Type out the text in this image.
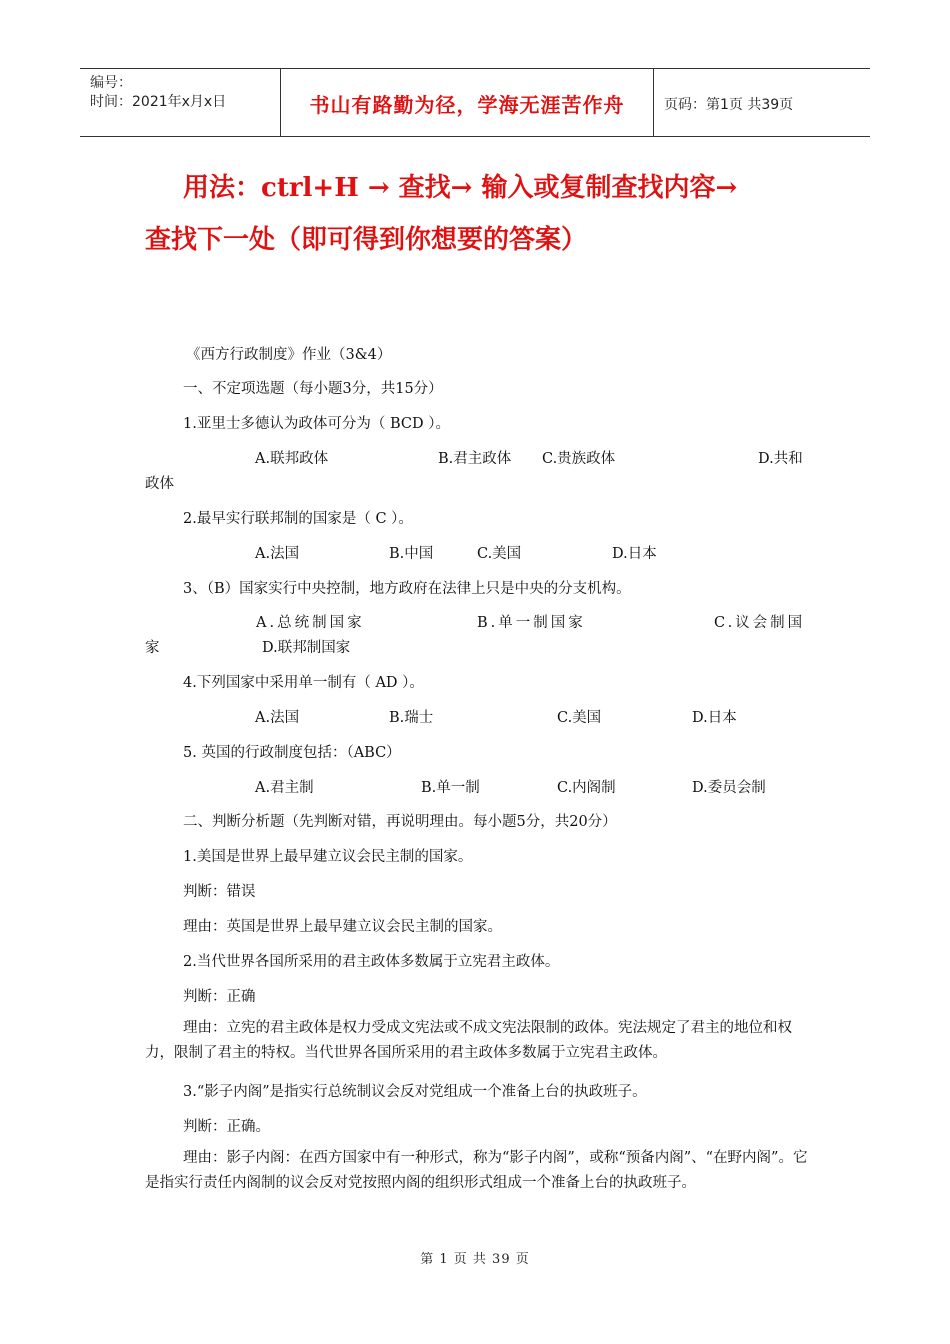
编号：
时间：2021年x月x日	书山有路勤为径，学海无涯苦作舟	页码：第1页 共39页
用法：ctrl+H → 查找→ 输入或复制查找内容→
查找下一处（即可得到你想要的答案）
《西方行政制度》作业（3&4）
一、不定项选题（每小题3分，共15分）
1.亚里士多德认为政体可分为（ BCD ）。
A.联邦政体	B.君主政体 C.贵族政体	D.共和
政体
2.最早实行联邦制的国家是（ C ）。
A.法国	B.中国	C.美国	D.日本
3、（B）国家实行中央控制，地方政府在法律上只是中央的分支机构。
A.总统制国家	B.单一制国家	C.议会制国
家	D.联邦制国家
4.下列国家中采用单一制有（ AD ）。
A.法国	B.瑞士	C.美国	D.日本
5. 英国的行政制度包括：（ABC）
A.君主制	B.单一制	C.内阁制	D.委员会制
二、判断分析题（先判断对错，再说明理由。每小题5分，共20分）
1.美国是世界上最早建立议会民主制的国家。
判断：错误
理由：英国是世界上最早建立议会民主制的国家。
2.当代世界各国所采用的君主政体多数属于立宪君主政体。
判断：正确
理由：立宪的君主政体是权力受成文宪法或不成文宪法限制的政体。宪法规定了君主的地位和权力，限制了君主的特权。当代世界各国所采用的君主政体多数属于立宪君主政体。
3.“影子内阁”是指实行总统制议会反对党组成一个准备上台的执政班子。
判断：正确。
理由：影子内阁：在西方国家中有一种形式，称为“影子内阁”，或称“预备内阁”、“在野内阁”。它是指实行责任内阁制的议会反对党按照内阁的组织形式组成一个准备上台的执政班子。
第 1 页 共 39 页
